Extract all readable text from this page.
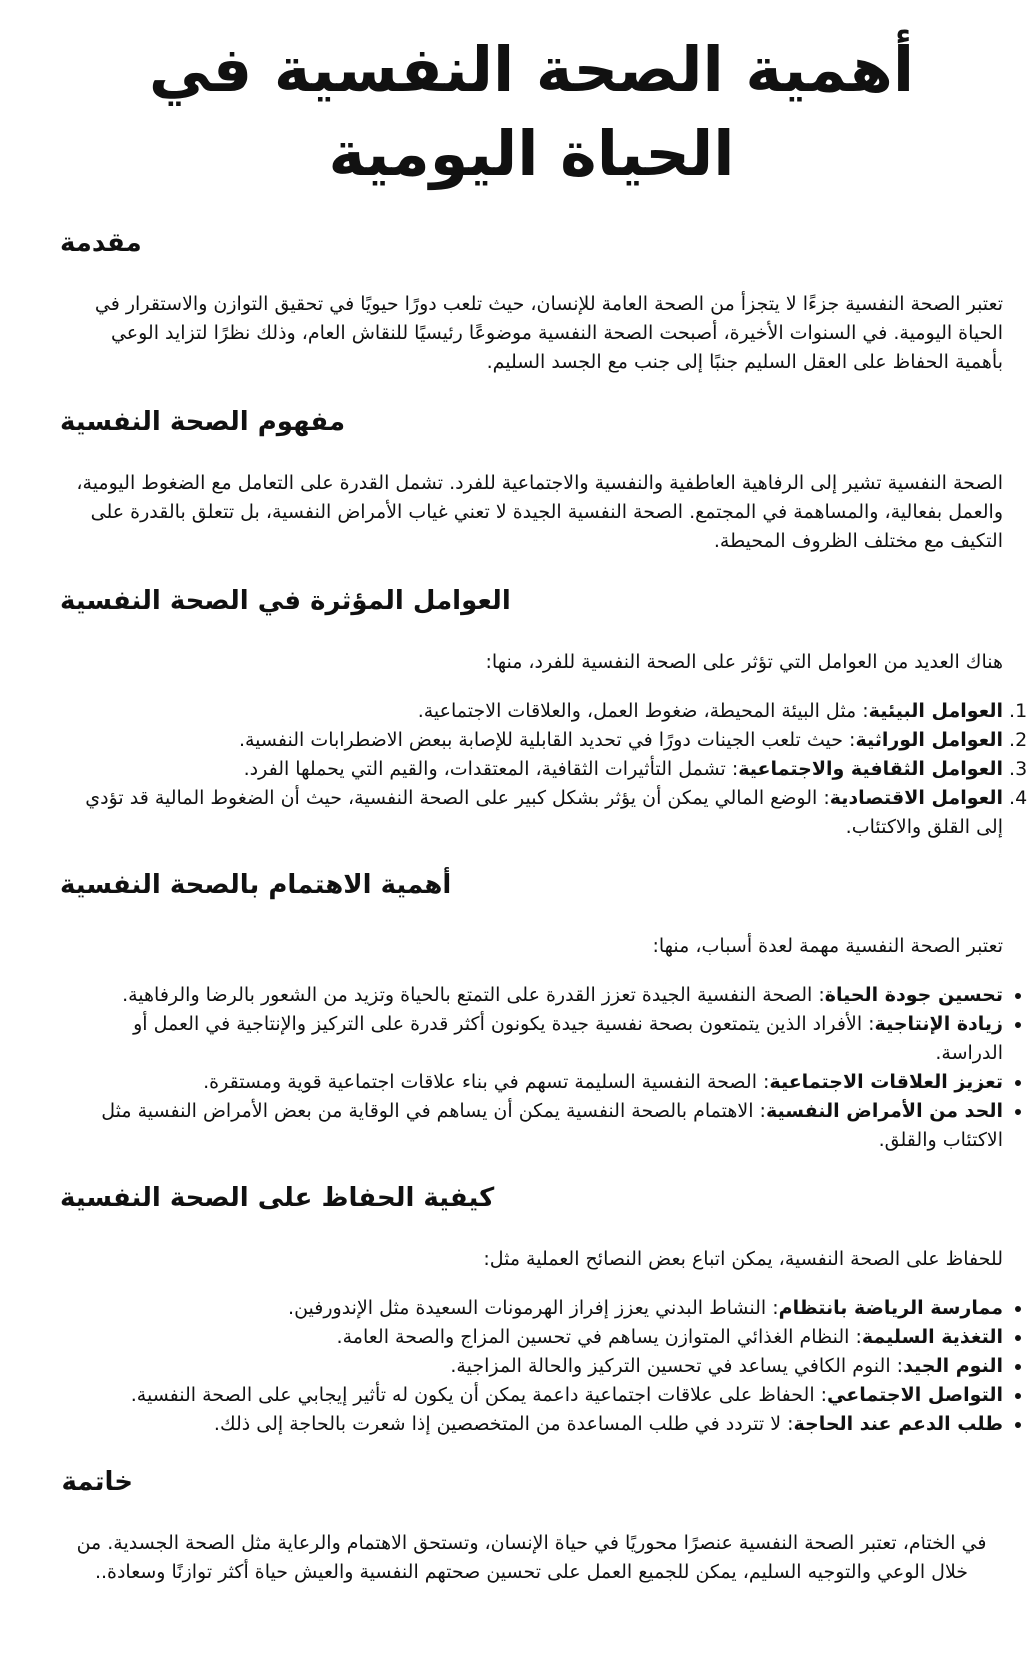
أهمية الصحة النفسية في الحياة اليومية
مقدمة

تعتبر الصحة النفسية جزءًا لا يتجزأ من الصحة العامة للإنسان، حيث تلعب دورًا حيويًا في تحقيق التوازن والاستقرار في الحياة اليومية. في السنوات الأخيرة، أصبحت الصحة النفسية موضوعًا رئيسيًا للنقاش العام، وذلك نظرًا لتزايد الوعي بأهمية الحفاظ على العقل السليم جنبًا إلى جنب مع الجسد السليم.

مفهوم الصحة النفسية

الصحة النفسية تشير إلى الرفاهية العاطفية والنفسية والاجتماعية للفرد. تشمل القدرة على التعامل مع الضغوط اليومية، والعمل بفعالية، والمساهمة في المجتمع. الصحة النفسية الجيدة لا تعني غياب الأمراض النفسية، بل تتعلق بالقدرة على التكيف مع مختلف الظروف المحيطة.

العوامل المؤثرة في الصحة النفسية

هناك العديد من العوامل التي تؤثر على الصحة النفسية للفرد، منها:

1. العوامل البيئية: مثل البيئة المحيطة، ضغوط العمل، والعلاقات الاجتماعية.
2. العوامل الوراثية: حيث تلعب الجينات دورًا في تحديد القابلية للإصابة ببعض الاضطرابات النفسية.
3. العوامل الثقافية والاجتماعية: تشمل التأثيرات الثقافية، المعتقدات، والقيم التي يحملها الفرد.
4. العوامل الاقتصادية: الوضع المالي يمكن أن يؤثر بشكل كبير على الصحة النفسية، حيث أن الضغوط المالية قد تؤدي إلى القلق والاكتئاب.
أهمية الاهتمام بالصحة النفسية

تعتبر الصحة النفسية مهمة لعدة أسباب، منها:

• تحسين جودة الحياة: الصحة النفسية الجيدة تعزز القدرة على التمتع بالحياة وتزيد من الشعور بالرضا والرفاهية.
• زيادة الإنتاجية: الأفراد الذين يتمتعون بصحة نفسية جيدة يكونون أكثر قدرة على التركيز والإنتاجية في العمل أو الدراسة.
• تعزيز العلاقات الاجتماعية: الصحة النفسية السليمة تسهم في بناء علاقات اجتماعية قوية ومستقرة.
• الحد من الأمراض النفسية: الاهتمام بالصحة النفسية يمكن أن يساهم في الوقاية من بعض الأمراض النفسية مثل الاكتئاب والقلق.
كيفية الحفاظ على الصحة النفسية

للحفاظ على الصحة النفسية، يمكن اتباع بعض النصائح العملية مثل:

• ممارسة الرياضة بانتظام: النشاط البدني يعزز إفراز الهرمونات السعيدة مثل الإندورفين.
• التغذية السليمة: النظام الغذائي المتوازن يساهم في تحسين المزاج والصحة العامة.
• النوم الجيد: النوم الكافي يساعد في تحسين التركيز والحالة المزاجية.
• التواصل الاجتماعي: الحفاظ على علاقات اجتماعية داعمة يمكن أن يكون له تأثير إيجابي على الصحة النفسية.
• طلب الدعم عند الحاجة: لا تتردد في طلب المساعدة من المتخصصين إذا شعرت بالحاجة إلى ذلك.
خاتمة

في الختام، تعتبر الصحة النفسية عنصرًا محوريًا في حياة الإنسان، وتستحق الاهتمام والرعاية مثل الصحة الجسدية. من خلال الوعي والتوجيه السليم، يمكن للجميع العمل على تحسين صحتهم النفسية والعيش حياة أكثر توازنًا وسعادة..
